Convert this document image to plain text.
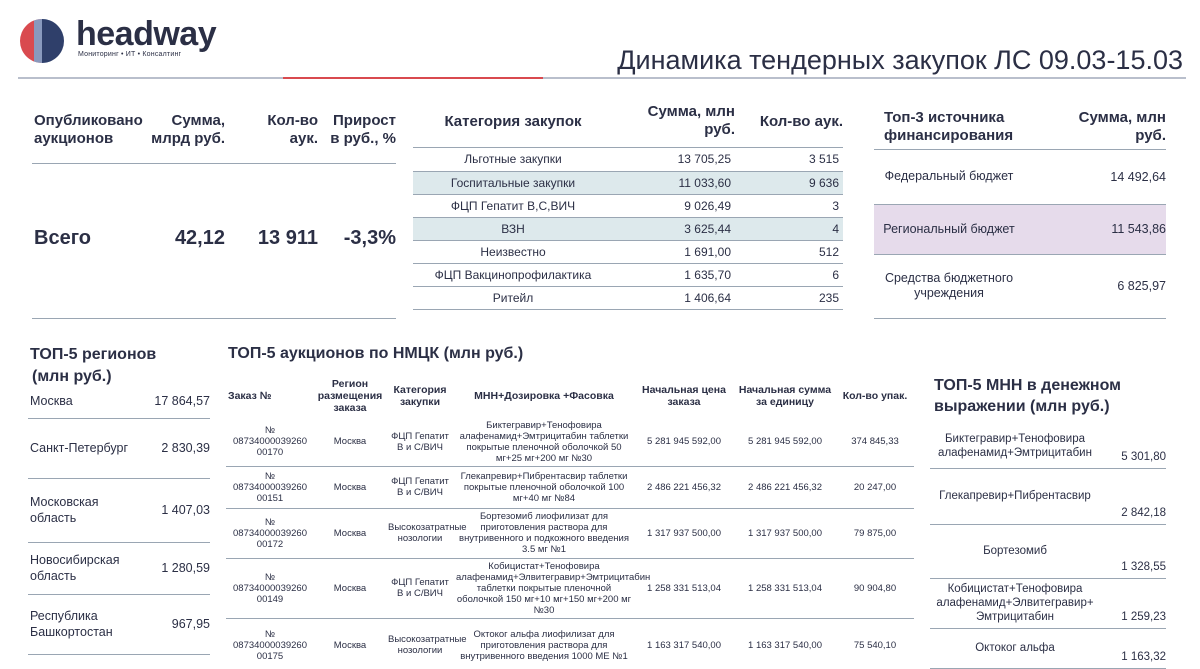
headway
Мониторинг • ИТ • Консалтинг	Динамика тендерных закупок ЛС 09.03-15.03
Опубликовано аукционов
Сумма, млрд руб.
Кол-во аук.
Прирост в руб., %
Всего	42,12	13 911	-3,3%
Категория закупок
Сумма, млн руб.	Кол-во аук.
Льготные закупки	13 705,25	3 515
Госпитальные закупки	11 033,60	9 636
ФЦП Гепатит В,С,ВИЧ	9 026,49	3
ВЗН	3 625,44	4
Неизвестно	1 691,00	512
ФЦП Вакцинопрофилактика	1 635,70	6
Ритейл	1 406,64	235
Топ-3 источника финансирования
Сумма, млн руб.
Федеральный бюджет	14 492,64
Региональный бюджет	11 543,86
Средства бюджетного учреждения	6 825,97
ТОП-5 регионов
(млн руб.)
Москва	17 864,57
Санкт-Петербург	2 830,39
Московская область	1 407,03
Новосибирская область	1 280,59
Республика Башкортостан	967,95
ТОП-5 аукционов по НМЦК (млн руб.)
Заказ №	Регион размещения заказа	Категория закупки	МНН+Дозировка +Фасовка	Начальная цена заказа	Начальная сумма за единицу	Кол-во упак.
№ 08734000039260 00170	Москва	ФЦП Гепатит В и С/ВИЧ	Биктегравир+Тенофовира алафенамид+Эмтрицитабин таблетки покрытые пленочной оболочкой 50 мг+25 мг+200 мг №30	5 281 945 592,00	5 281 945 592,00	374 845,33
№ 08734000039260 00151	Москва	ФЦП Гепатит В и С/ВИЧ	Глекапревир+Пибрентасвир таблетки покрытые пленочной оболочкой 100 мг+40 мг №84	2 486 221 456,32	2 486 221 456,32	20 247,00
№ 08734000039260 00172	Москва	Высокозатратные нозологии	Бортезомиб лиофилизат для приготовления раствора для внутривенного и подкожного введения 3.5 мг №1	1 317 937 500,00	1 317 937 500,00	79 875,00
№ 08734000039260 00149	Москва	ФЦП Гепатит В и С/ВИЧ	Кобицистат+Тенофовира алафенамид+Элвитегравир+Эмтрицитабин таблетки покрытые пленочной оболочкой 150 мг+10 мг+150 мг+200 мг №30	1 258 331 513,04	1 258 331 513,04	90 904,80
№ 08734000039260 00175	Москва	Высокозатратные нозологии	Октоког альфа лиофилизат для приготовления раствора для внутривенного введения 1000 МЕ №1	1 163 317 540,00	1 163 317 540,00	75 540,10
ТОП-5 МНН в денежном выражении (млн руб.)
Биктегравир+Тенофовира алафенамид+Эмтрицитабин	5 301,80
Глекапревир+Пибрентасвир	2 842,18
Бортезомиб	1 328,55
Кобицистат+Тенофовира алафенамид+Элвитегравир+ Эмтрицитабин	1 259,23
Октоког альфа	1 163,32
